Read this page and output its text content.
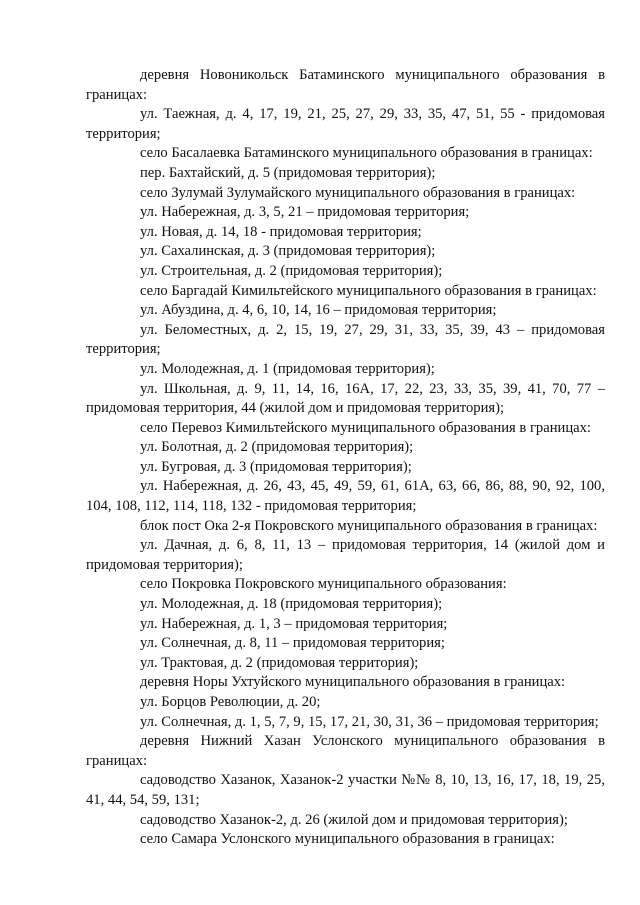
деревня Новоникольск Батаминского муниципального образования в границах:

ул. Таежная, д. 4, 17, 19, 21, 25, 27, 29, 33, 35, 47, 51, 55 - придомовая территория;

село Басалаевка Батаминского муниципального образования в границах:

пер. Бахтайский, д. 5 (придомовая территория);

село Зулумай Зулумайского муниципального образования в границах:

ул. Набережная, д. 3, 5, 21 – придомовая территория;

ул. Новая, д. 14, 18 - придомовая территория;

ул. Сахалинская, д. 3 (придомовая территория);

ул. Строительная, д. 2 (придомовая территория);

село Баргадай Кимильтейского муниципального образования в границах:

ул. Абуздина, д. 4, 6, 10, 14, 16 – придомовая территория;

ул. Беломестных, д. 2, 15, 19, 27, 29, 31, 33, 35, 39, 43 – придомовая территория;

ул. Молодежная, д. 1 (придомовая территория);

ул. Школьная, д. 9, 11, 14, 16, 16А, 17, 22, 23, 33, 35, 39, 41, 70, 77 – придомовая территория, 44 (жилой дом и придомовая территория);

село Перевоз Кимильтейского муниципального образования в границах:

ул. Болотная, д. 2 (придомовая территория);

ул. Бугровая, д. 3 (придомовая территория);

ул. Набережная, д. 26, 43, 45, 49, 59, 61, 61А, 63, 66, 86, 88, 90, 92, 100, 104, 108, 112, 114, 118, 132 - придомовая территория;

блок пост Ока 2-я Покровского муниципального образования в границах:

ул. Дачная, д. 6, 8, 11, 13 – придомовая территория, 14 (жилой дом и придомовая территория);

село Покровка Покровского муниципального образования:

ул. Молодежная, д. 18 (придомовая территория);

ул. Набережная, д. 1, 3 – придомовая территория;

ул. Солнечная, д. 8, 11 – придомовая территория;

ул. Трактовая, д. 2 (придомовая территория);

деревня Норы Ухтуйского муниципального образования в границах:

ул. Борцов Революции, д. 20;

ул. Солнечная, д. 1, 5, 7, 9, 15, 17, 21, 30, 31, 36 – придомовая территория;

деревня Нижний Хазан Услонского муниципального образования в границах:

садоводство Хазанок, Хазанок-2 участки №№ 8, 10, 13, 16, 17, 18, 19, 25, 41, 44, 54, 59, 131;

садоводство Хазанок-2, д. 26 (жилой дом и придомовая территория);

село Самара Услонского муниципального образования в границах:
